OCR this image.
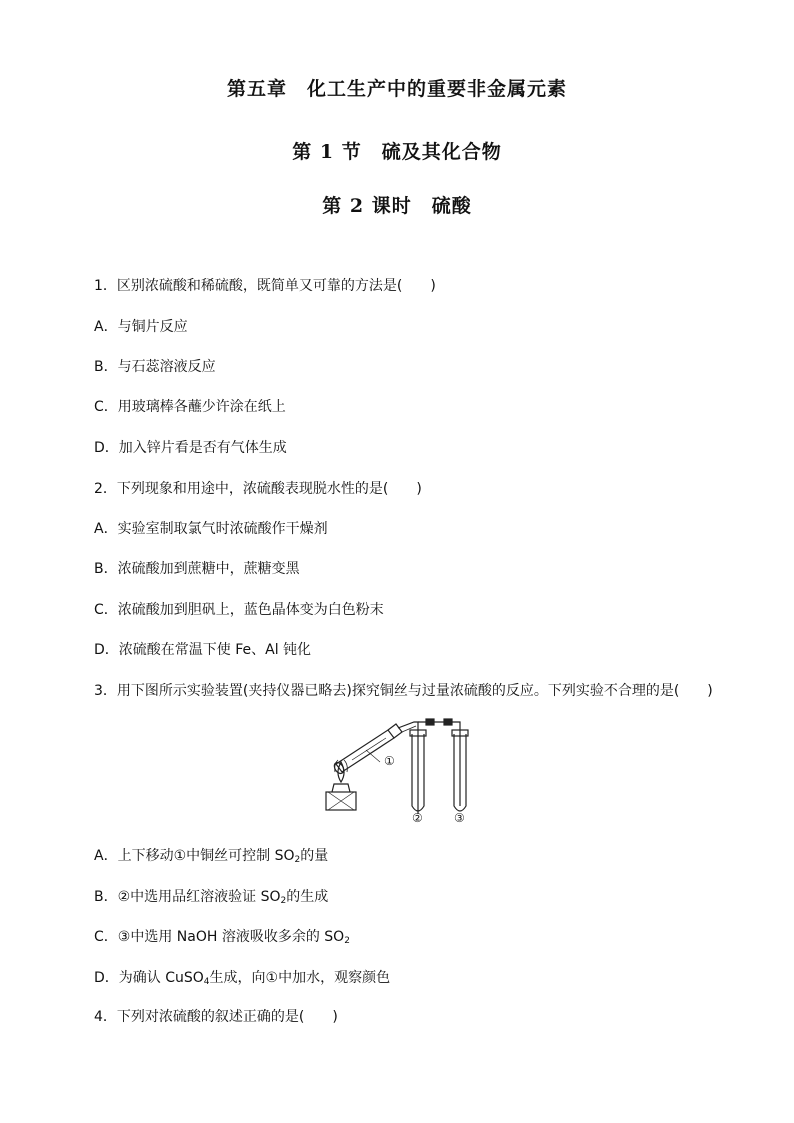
第五章　化工生产中的重要非金属元素
第 1 节　硫及其化合物
第 2 课时　硫酸
1．区别浓硫酸和稀硫酸，既简单又可靠的方法是(　　)
A．与铜片反应
B．与石蕊溶液反应
C．用玻璃棒各蘸少许涂在纸上
D．加入锌片看是否有气体生成
2．下列现象和用途中，浓硫酸表现脱水性的是(　　)
A．实验室制取氯气时浓硫酸作干燥剂
B．浓硫酸加到蔗糖中，蔗糖变黑
C．浓硫酸加到胆矾上，蓝色晶体变为白色粉末
D．浓硫酸在常温下使 Fe、Al 钝化
3．用下图所示实验装置(夹持仪器已略去)探究铜丝与过量浓硫酸的反应。下列实验不合理的是(　　)
①
②	③
A．上下移动①中铜丝可控制 $SO_2$的量
B．②中选用品红溶液验证 $SO_2$的生成
C．③中选用 NaOH 溶液吸收多余的 $SO_2$
D．为确认 CuSO$_4$生成，向①中加水，观察颜色
4．下列对浓硫酸的叙述正确的是(　　)
